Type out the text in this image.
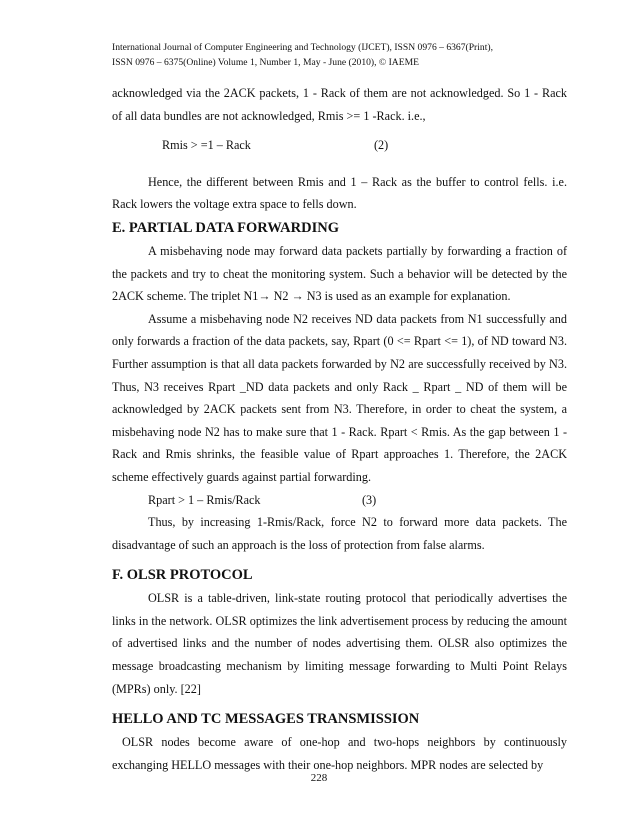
International Journal of Computer Engineering and Technology (IJCET), ISSN 0976 – 6367(Print),
ISSN 0976 – 6375(Online) Volume 1, Number 1, May - June (2010), © IAEME

acknowledged via the 2ACK packets, 1 - Rack of them are not acknowledged. So 1 - Rack of all data bundles are not acknowledged, Rmis >= 1 -Rack. i.e.,

Rmis > =1 – Rack	(2)

Hence, the different between Rmis and 1 – Rack as the buffer to control fells. i.e. Rack lowers the voltage extra space to fells down.

E. PARTIAL DATA FORWARDING

A misbehaving node may forward data packets partially by forwarding a fraction of the packets and try to cheat the monitoring system. Such a behavior will be detected by the 2ACK scheme. The triplet N1→ N2 → N3 is used as an example for explanation.

Assume a misbehaving node N2 receives ND data packets from N1 successfully and only forwards a fraction of the data packets, say, Rpart (0 <= Rpart <= 1), of ND toward N3. Further assumption is that all data packets forwarded by N2 are successfully received by N3. Thus, N3 receives Rpart _ND data packets and only Rack _ Rpart _ ND of them will be acknowledged by 2ACK packets sent from N3. Therefore, in order to cheat the system, a misbehaving node N2 has to make sure that 1 - Rack. Rpart < Rmis. As the gap between 1 - Rack and Rmis shrinks, the feasible value of Rpart approaches 1. Therefore, the 2ACK scheme effectively guards against partial forwarding.

Rpart > 1 – Rmis/Rack	(3)

Thus, by increasing 1-Rmis/Rack, force N2 to forward more data packets. The disadvantage of such an approach is the loss of protection from false alarms.

F. OLSR PROTOCOL

OLSR is a table-driven, link-state routing protocol that periodically advertises the links in the network. OLSR optimizes the link advertisement process by reducing the amount of advertised links and the number of nodes advertising them. OLSR also optimizes the message broadcasting mechanism by limiting message forwarding to Multi Point Relays (MPRs) only. [22]

HELLO AND TC MESSAGES TRANSMISSION

OLSR nodes become aware of one-hop and two-hops neighbors by continuously exchanging HELLO messages with their one-hop neighbors. MPR nodes are selected by

228
